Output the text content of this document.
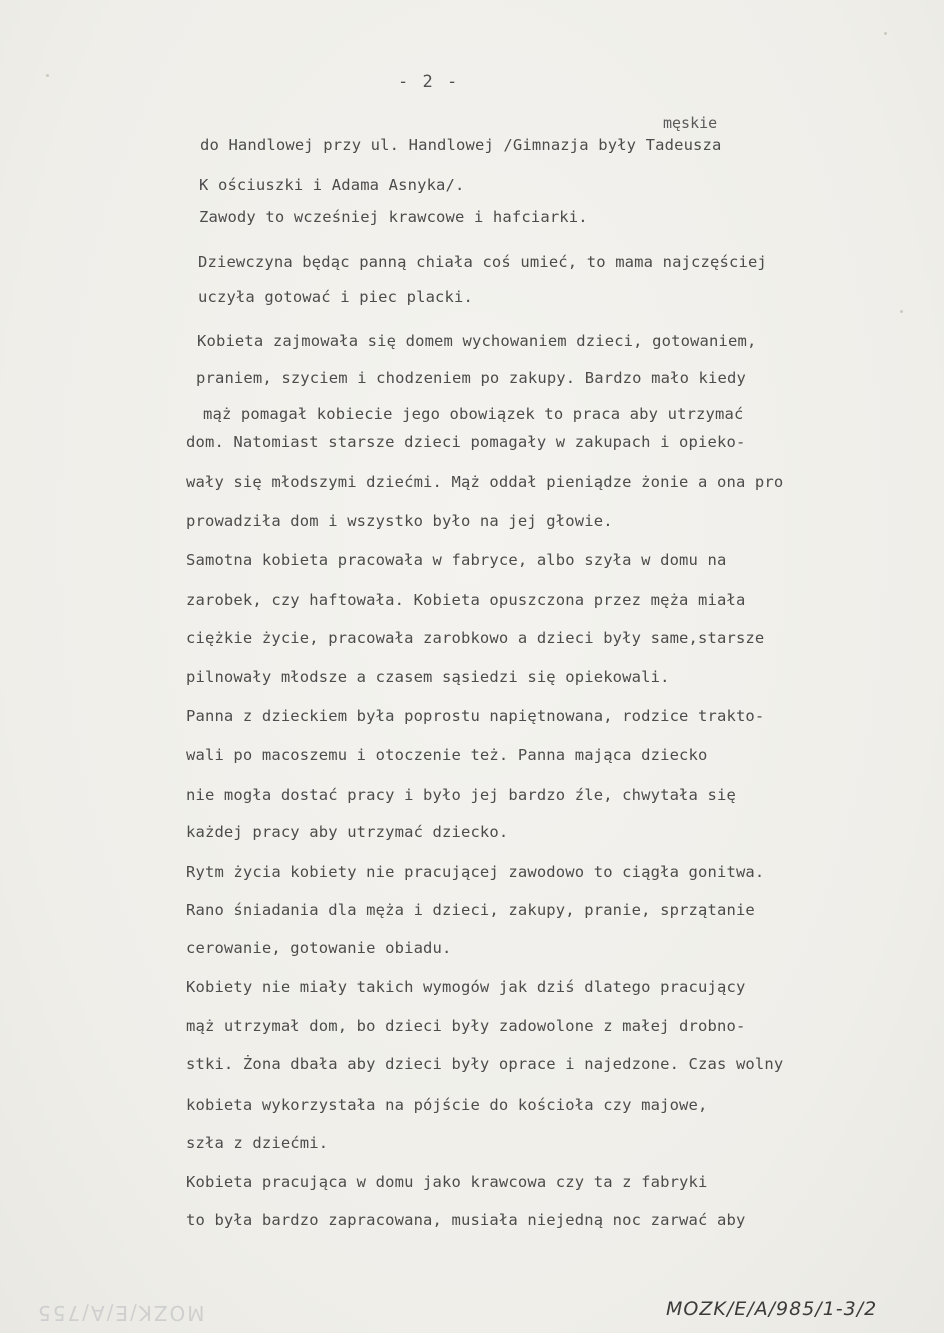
- 2 -
męskie
do Handlowej przy ul. Handlowej /Gimnazja były Tadeusza
K ościuszki i Adama Asnyka/.
Zawody to wcześniej krawcowe i hafciarki.
Dziewczyna będąc panną chiała coś umieć, to mama najczęściej
uczyła gotować i piec placki.
Kobieta zajmowała się domem wychowaniem dzieci, gotowaniem,
praniem, szyciem i chodzeniem po zakupy. Bardzo mało kiedy
mąż pomagał kobiecie jego obowiązek to praca aby utrzymać
dom. Natomiast starsze dzieci pomagały w zakupach i opieko-
wały się młodszymi dziećmi. Mąż oddał pieniądze żonie a ona pro
prowadziła dom i wszystko było na jej głowie.
Samotna kobieta pracowała w fabryce, albo szyła w domu na
zarobek, czy haftowała. Kobieta opuszczona przez męża miała
ciężkie życie, pracowała zarobkowo a dzieci były same,starsze
pilnowały młodsze a czasem sąsiedzi się opiekowali.
Panna z dzieckiem była poprostu napiętnowana, rodzice trakto-
wali po macoszemu i otoczenie też. Panna mająca dziecko
nie mogła dostać pracy i było jej bardzo źle, chwytała się
każdej pracy aby utrzymać dziecko.
Rytm życia kobiety nie pracującej zawodowo to ciągła gonitwa.
Rano śniadania dla męża i dzieci, zakupy, pranie, sprzątanie
cerowanie, gotowanie obiadu.
Kobiety nie miały takich wymogów jak dziś dlatego pracujący
mąż utrzymał dom, bo dzieci były zadowolone z małej drobno-
stki. Żona dbała aby dzieci były oprace i najedzone. Czas wolny
kobieta wykorzystała na pójście do kościoła czy majowe,
szła z dziećmi.
Kobieta pracująca w domu jako krawcowa czy ta z fabryki
to była bardzo zapracowana, musiała niejedną noc zarwać aby
MOZK/E/A/755	MOZK/E/A/985/1-3/2
